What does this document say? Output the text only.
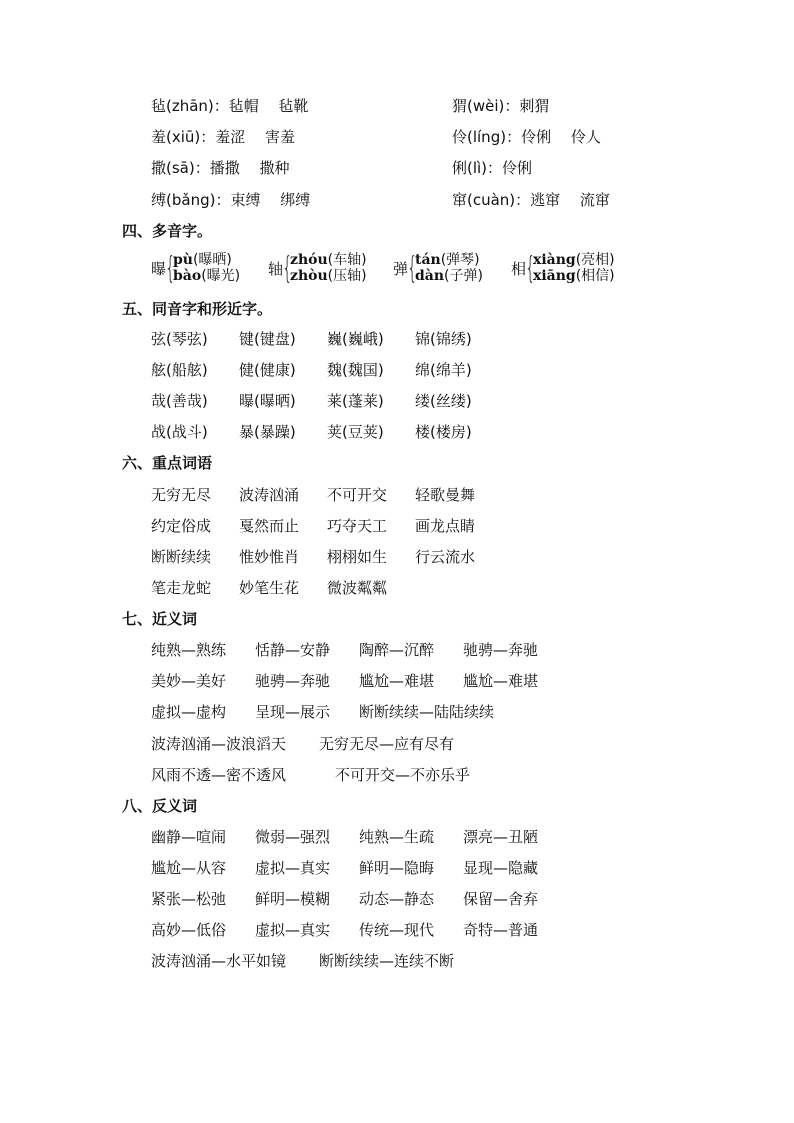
毡(zhān)：毡帽　 毡靴	猬(wèi)：刺猬
羞(xiū)：羞涩　 害羞	伶(líng)：伶俐　 伶人
撒(sā)：播撒　 撒种	俐(lì)：伶俐
缚(bǎng)：束缚　 绑缚	窜(cuàn)：逃窜　 流窜
四、多音字。
曝
{
pù(曝晒)
bào(曝光) 轴
{
zhóu(车轴)
zhòu(压轴) 弹
{
tán(弹琴)
dàn(子弹) 相
{
xiàng(亮相)
xiāng(相信)
五、同音字和形近字。
弦(琴弦) 键(键盘) 巍(巍峨) 锦(锦绣)
舷(船舷) 健(健康) 魏(魏国) 绵(绵羊)
哉(善哉) 曝(曝晒) 莱(蓬莱) 缕(丝缕)
战(战斗) 暴(暴躁) 荚(豆荚) 楼(楼房)
六、重点词语
无穷无尽 波涛汹涌 不可开交 轻歌曼舞
约定俗成 戛然而止 巧夺天工 画龙点睛
断断续续 惟妙惟肖 栩栩如生 行云流水
笔走龙蛇 妙笔生花 微波粼粼
七、近义词
纯熟—熟练 恬静—安静 陶醉—沉醉 驰骋—奔驰
美妙—美好 驰骋—奔驰 尴尬—难堪 尴尬—难堪
虚拟—虚构 呈现—展示 断断续续—陆陆续续
波涛汹涌—波浪滔天 无穷无尽—应有尽有
风雨不透—密不透风	不可开交—不亦乐乎
八、反义词
幽静—喧闹 微弱—强烈 纯熟—生疏 漂亮—丑陋
尴尬—从容 虚拟—真实 鲜明—隐晦 显现—隐藏
紧张—松弛 鲜明—模糊 动态—静态 保留—舍弃
高妙—低俗 虚拟—真实 传统—现代 奇特—普通
波涛汹涌—水平如镜 断断续续—连续不断
